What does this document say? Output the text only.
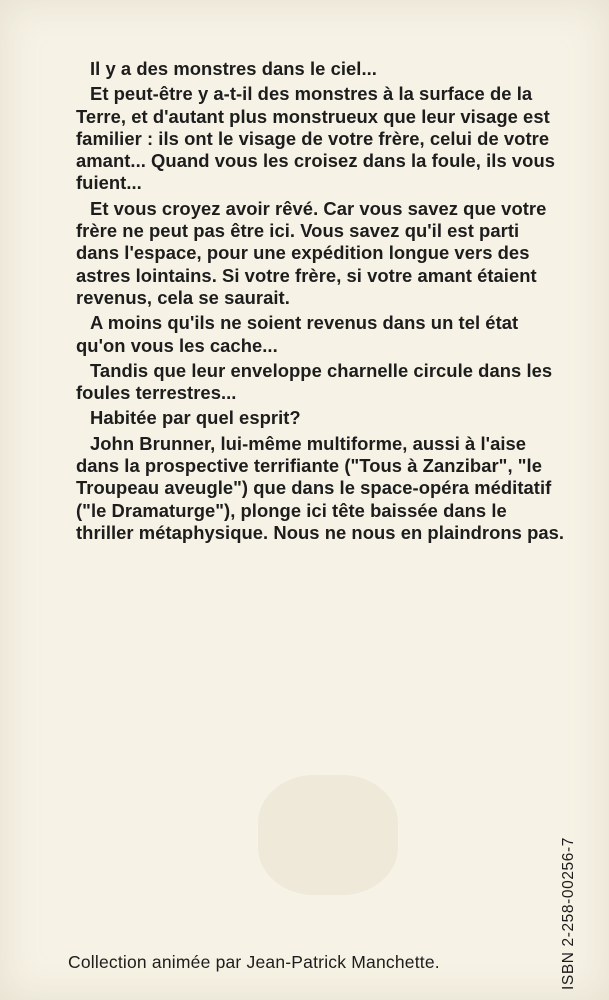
Il y a des monstres dans le ciel...

Et peut-être y a-t-il des monstres à la surface de la Terre, et d'autant plus monstrueux que leur visage est familier : ils ont le visage de votre frère, celui de votre amant... Quand vous les croisez dans la foule, ils vous fuient...

Et vous croyez avoir rêvé. Car vous savez que votre frère ne peut pas être ici. Vous savez qu'il est parti dans l'espace, pour une expédition longue vers des astres lointains. Si votre frère, si votre amant étaient revenus, cela se saurait.

A moins qu'ils ne soient revenus dans un tel état qu'on vous les cache...

Tandis que leur enveloppe charnelle circule dans les foules terrestres...

Habitée par quel esprit?

John Brunner, lui-même multiforme, aussi à l'aise dans la prospective terrifiante ("Tous à Zanzibar", "le Troupeau aveugle") que dans le space-opéra méditatif ("le Dramaturge"), plonge ici tête baissée dans le thriller métaphysique. Nous ne nous en plaindrons pas.

Collection animée par Jean-Patrick Manchette.	ISBN 2-258-00256-7
